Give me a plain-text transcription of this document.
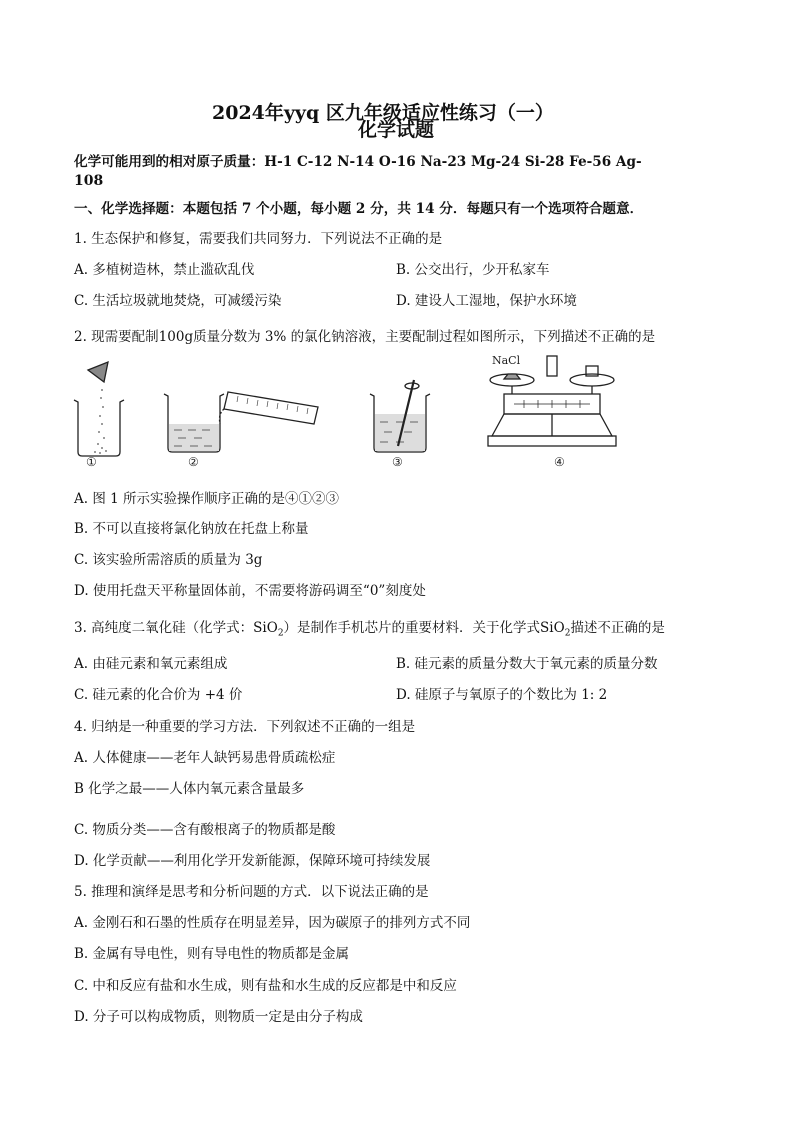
2024年yyq 区九年级适应性练习（一）
化学试题
化学可能用到的相对原子质量：H-1 C-12 N-14 O-16 Na-23 Mg-24 Si-28 Fe-56 Ag-
108
一、化学选择题：本题包括 7 个小题，每小题 2 分，共 14 分．每题只有一个选项符合题意．
1. 生态保护和修复，需要我们共同努力．下列说法不正确的是
A. 多植树造林，禁止滥砍乱伐	B. 公交出行，少开私家车
C. 生活垃圾就地焚烧，可减缓污染	D. 建设人工湿地，保护水环境
2. 现需要配制100g质量分数为 3% 的氯化钠溶液，主要配制过程如图所示，下列描述不正确的是
NaCl
①	②	③	④
A. 图 1 所示实验操作顺序正确的是④①②③
B. 不可以直接将氯化钠放在托盘上称量
C. 该实验所需溶质的质量为 3g
D. 使用托盘天平称量固体前，不需要将游码调至“0”刻度处
3. 高纯度二氧化硅（化学式：SiO$_2$）是制作手机芯片的重要材料．关于化学式SiO$_2$描述不正确的是
A. 由硅元素和氧元素组成	B. 硅元素的质量分数大于氧元素的质量分数
C. 硅元素的化合价为 +4 价	D. 硅原子与氧原子的个数比为 1: 2
4. 归纳是一种重要的学习方法．下列叙述不正确的一组是
A. 人体健康——老年人缺钙易患骨质疏松症
B 化学之最——人体内氧元素含量最多
C. 物质分类——含有酸根离子的物质都是酸
D. 化学贡献——利用化学开发新能源，保障环境可持续发展
5. 推理和演绎是思考和分析问题的方式．以下说法正确的是
A. 金刚石和石墨的性质存在明显差异，因为碳原子的排列方式不同
B. 金属有导电性，则有导电性的物质都是金属
C. 中和反应有盐和水生成，则有盐和水生成的反应都是中和反应
D. 分子可以构成物质，则物质一定是由分子构成
